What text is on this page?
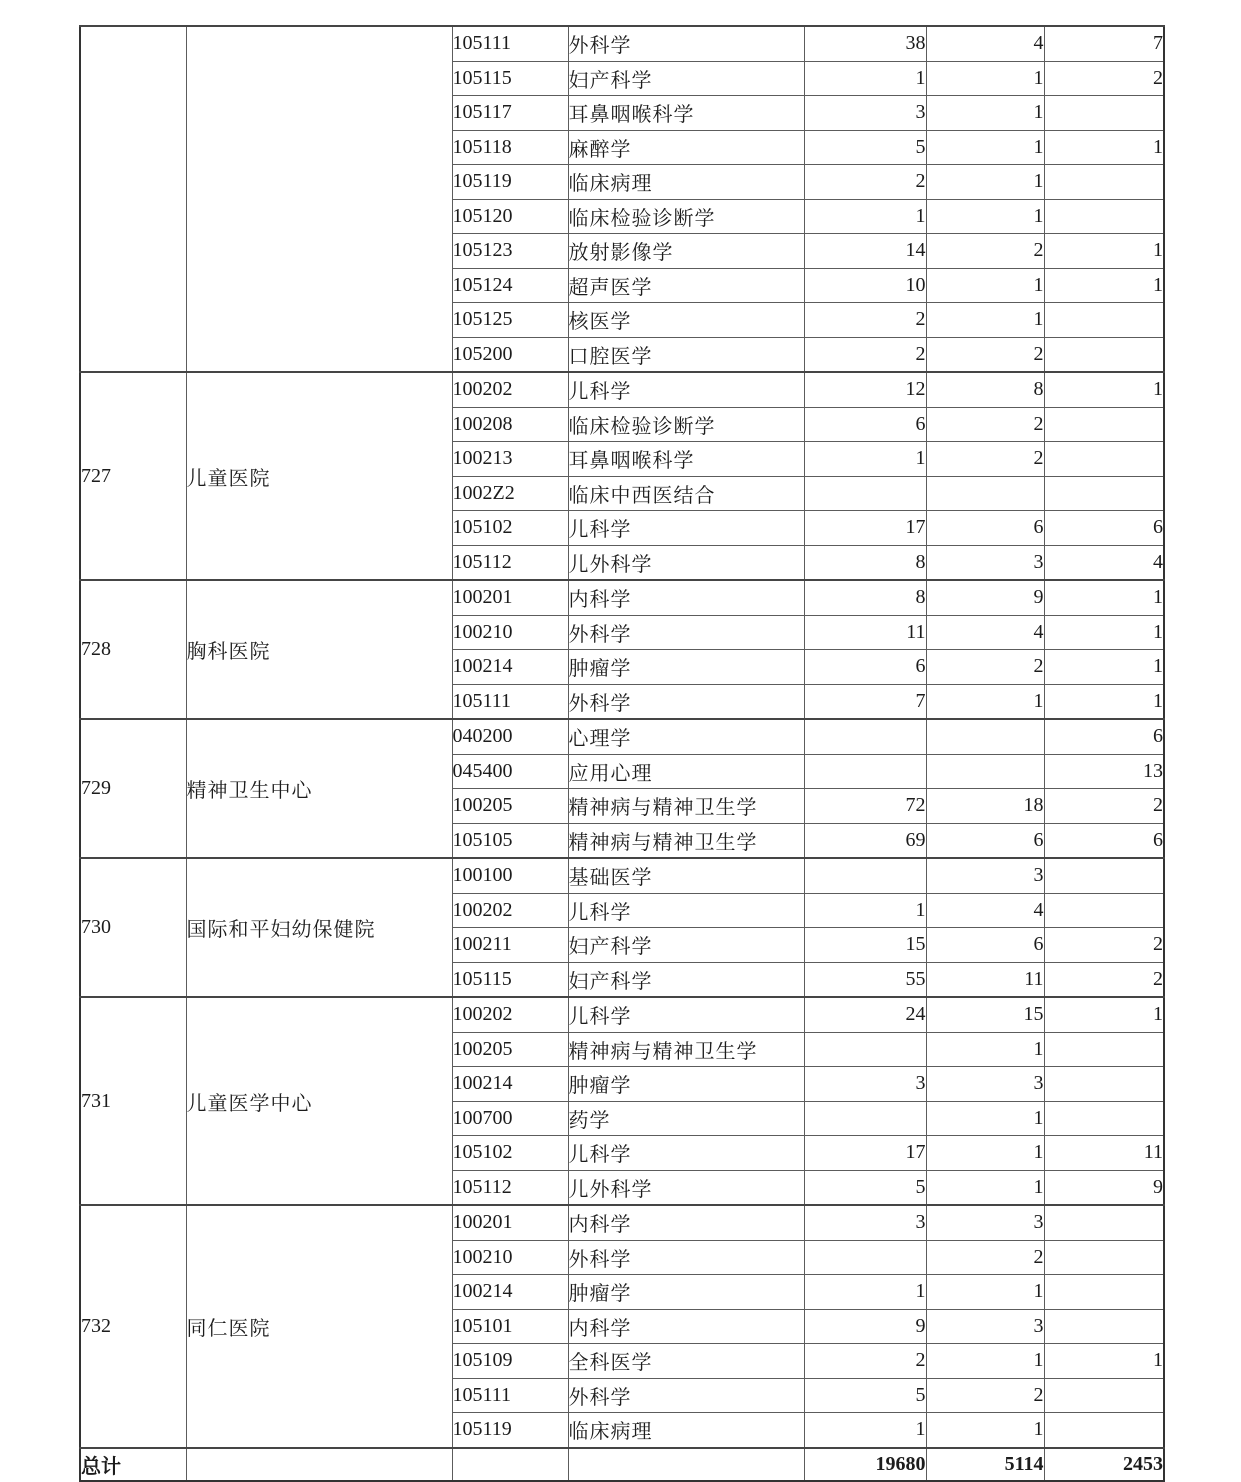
		105111	外科学	38	4	7
		105115	妇产科学	1	1	2
		105117	耳鼻咽喉科学	3	1	
		105118	麻醉学	5	1	1
		105119	临床病理	2	1	
		105120	临床检验诊断学	1	1	
		105123	放射影像学	14	2	1
		105124	超声医学	10	1	1
		105125	核医学	2	1	
		105200	口腔医学	2	2	
727	儿童医院	100202	儿科学	12	8	1
		100208	临床检验诊断学	6	2	
		100213	耳鼻咽喉科学	1	2	
		1002Z2	临床中西医结合			
		105102	儿科学	17	6	6
		105112	儿外科学	8	3	4
728	胸科医院	100201	内科学	8	9	1
		100210	外科学	11	4	1
		100214	肿瘤学	6	2	1
		105111	外科学	7	1	1
729	精神卫生中心	040200	心理学			6
		045400	应用心理			13
		100205	精神病与精神卫生学	72	18	2
		105105	精神病与精神卫生学	69	6	6
730	国际和平妇幼保健院	100100	基础医学		3	
		100202	儿科学	1	4	
		100211	妇产科学	15	6	2
		105115	妇产科学	55	11	2
731	儿童医学中心	100202	儿科学	24	15	1
		100205	精神病与精神卫生学		1	
		100214	肿瘤学	3	3	
		100700	药学		1	
		105102	儿科学	17	1	11
		105112	儿外科学	5	1	9
732	同仁医院	100201	内科学	3	3	
		100210	外科学		2	
		100214	肿瘤学	1	1	
		105101	内科学	9	3	
		105109	全科医学	2	1	1
		105111	外科学	5	2	
		105119	临床病理	1	1	
总计				19680	5114	2453
